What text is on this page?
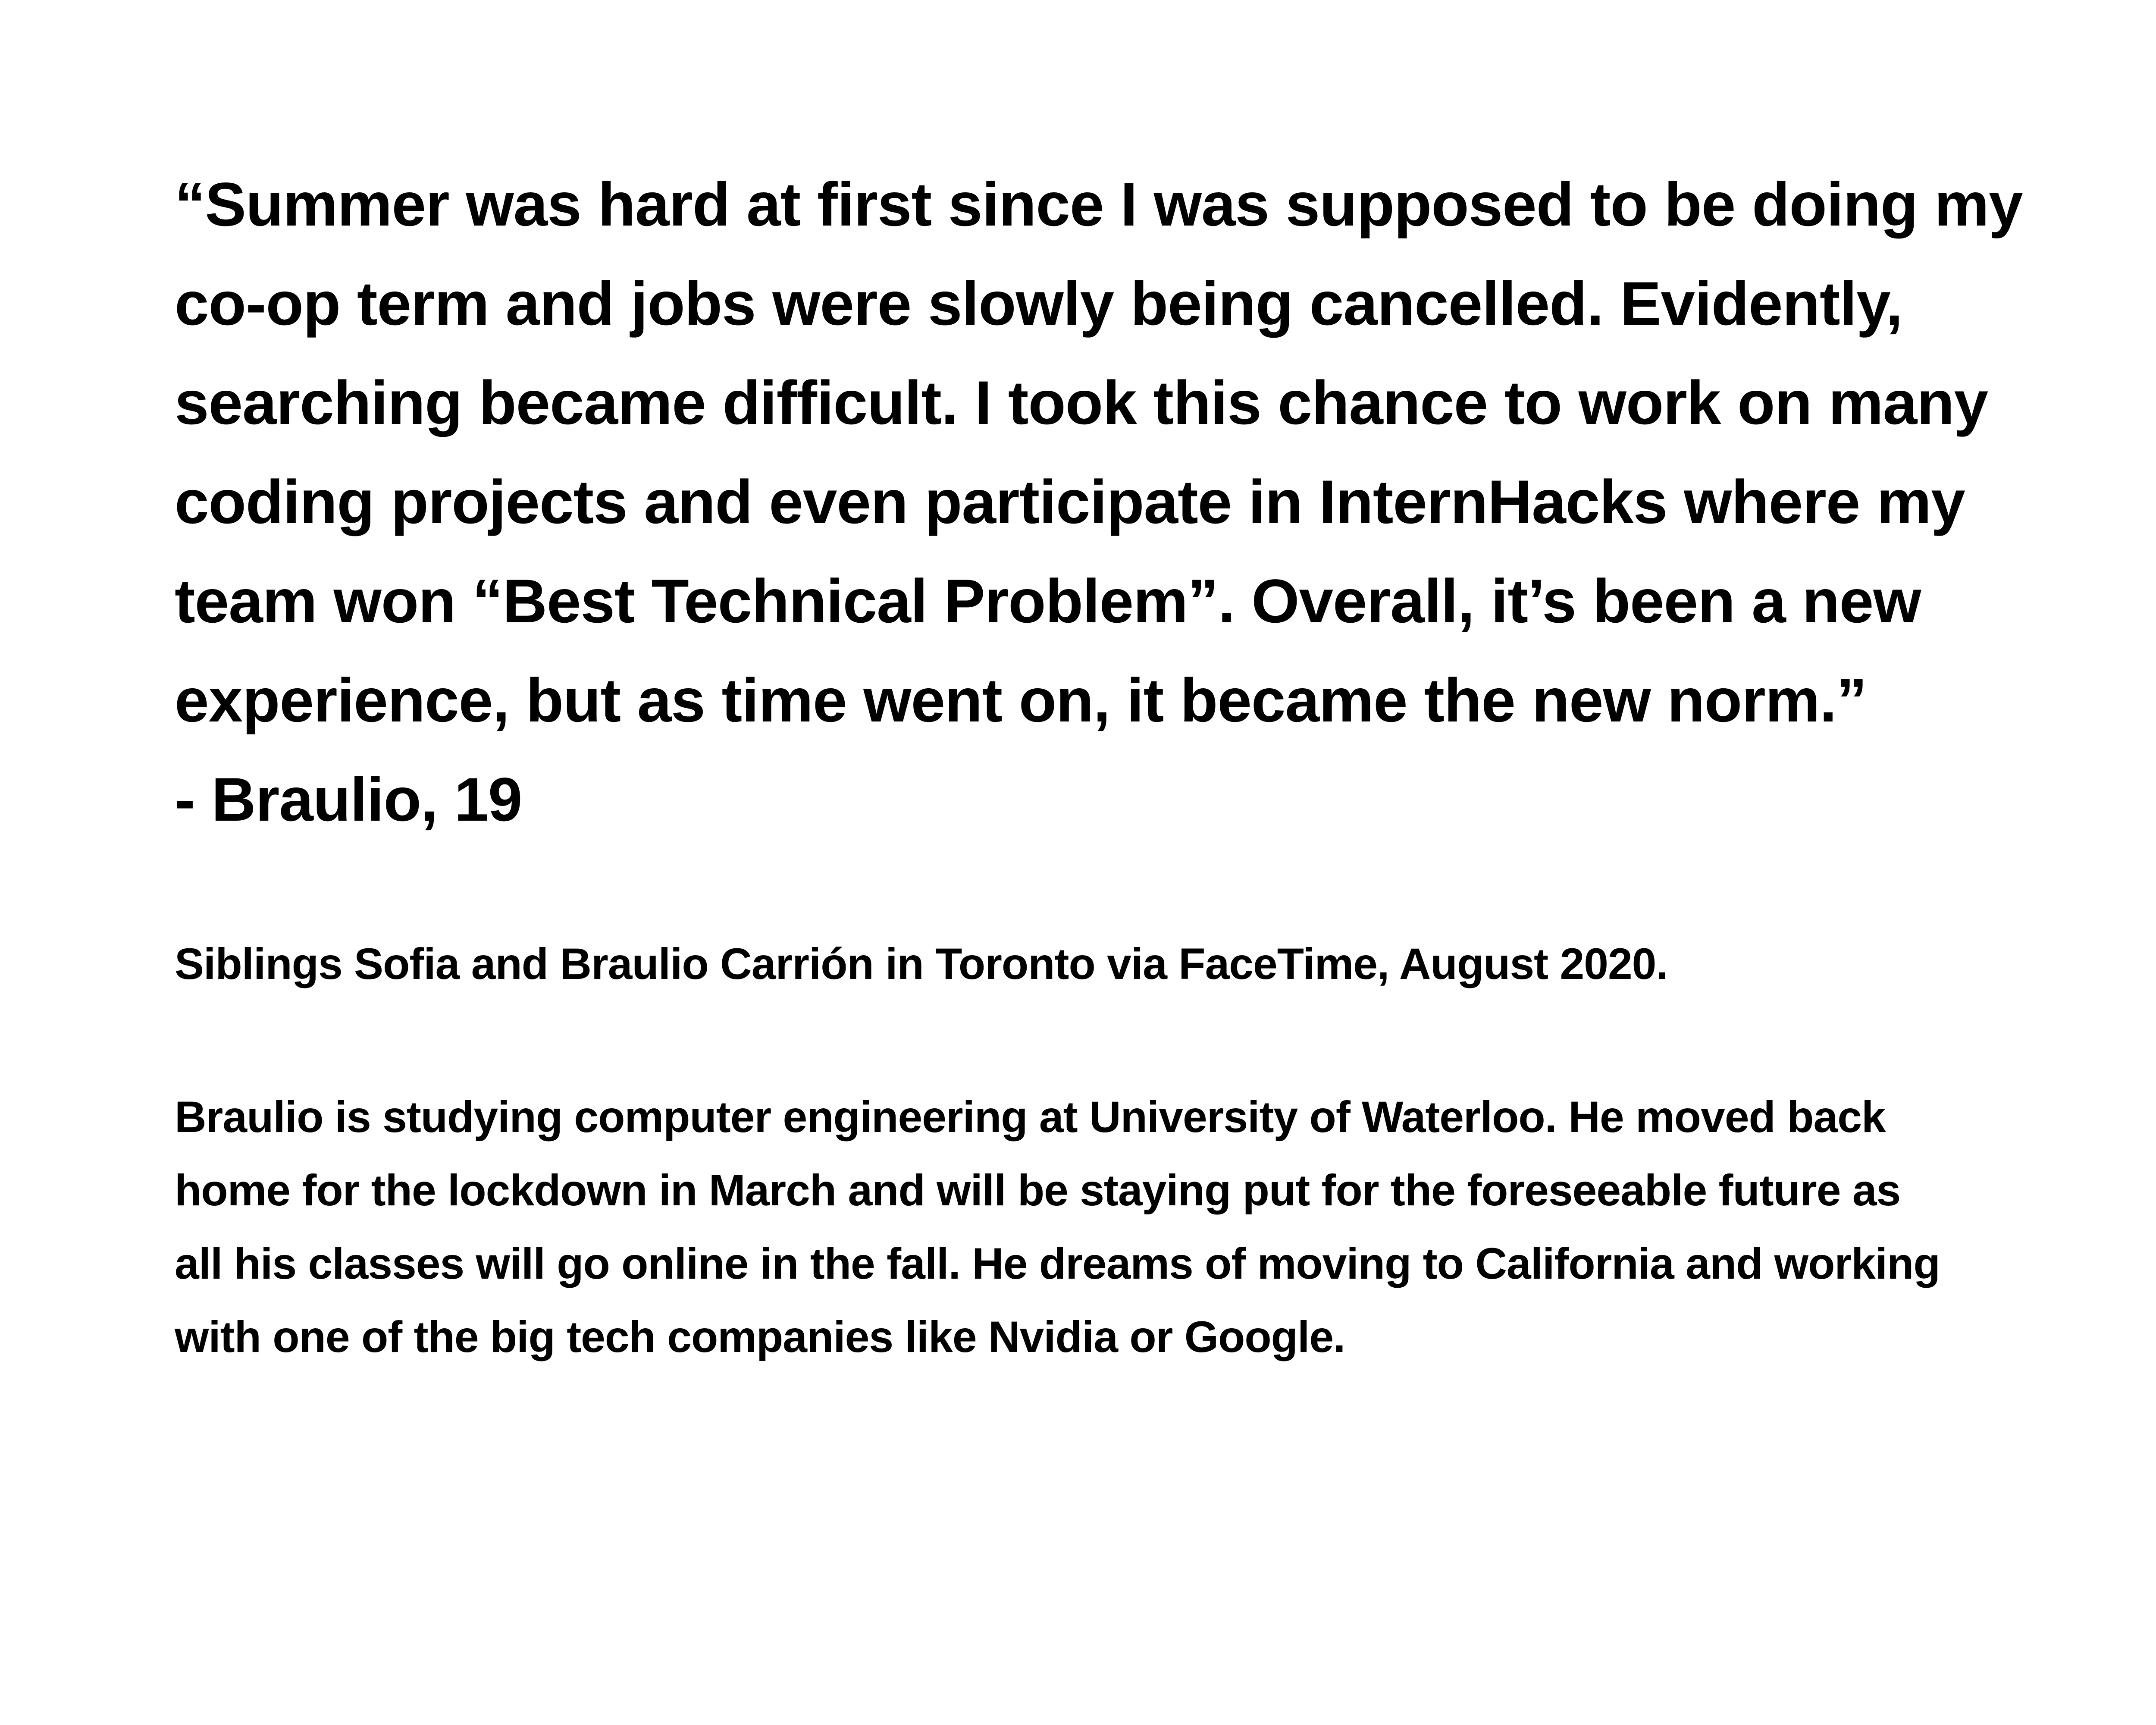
“Summer was hard at first since I was supposed to be doing my
co-op term and jobs were slowly being cancelled. Evidently,
searching became difficult. I took this chance to work on many
coding projects and even participate in InternHacks where my
team won “Best Technical Problem”. Overall, it’s been a new
experience, but as time went on, it became the new norm.”
- Braulio, 19
Siblings Sofia and Braulio Carrión in Toronto via FaceTime, August 2020.
Braulio is studying computer engineering at University of Waterloo. He moved back
home for the lockdown in March and will be staying put for the foreseeable future as
all his classes will go online in the fall. He dreams of moving to California and working
with one of the big tech companies like Nvidia or Google.
